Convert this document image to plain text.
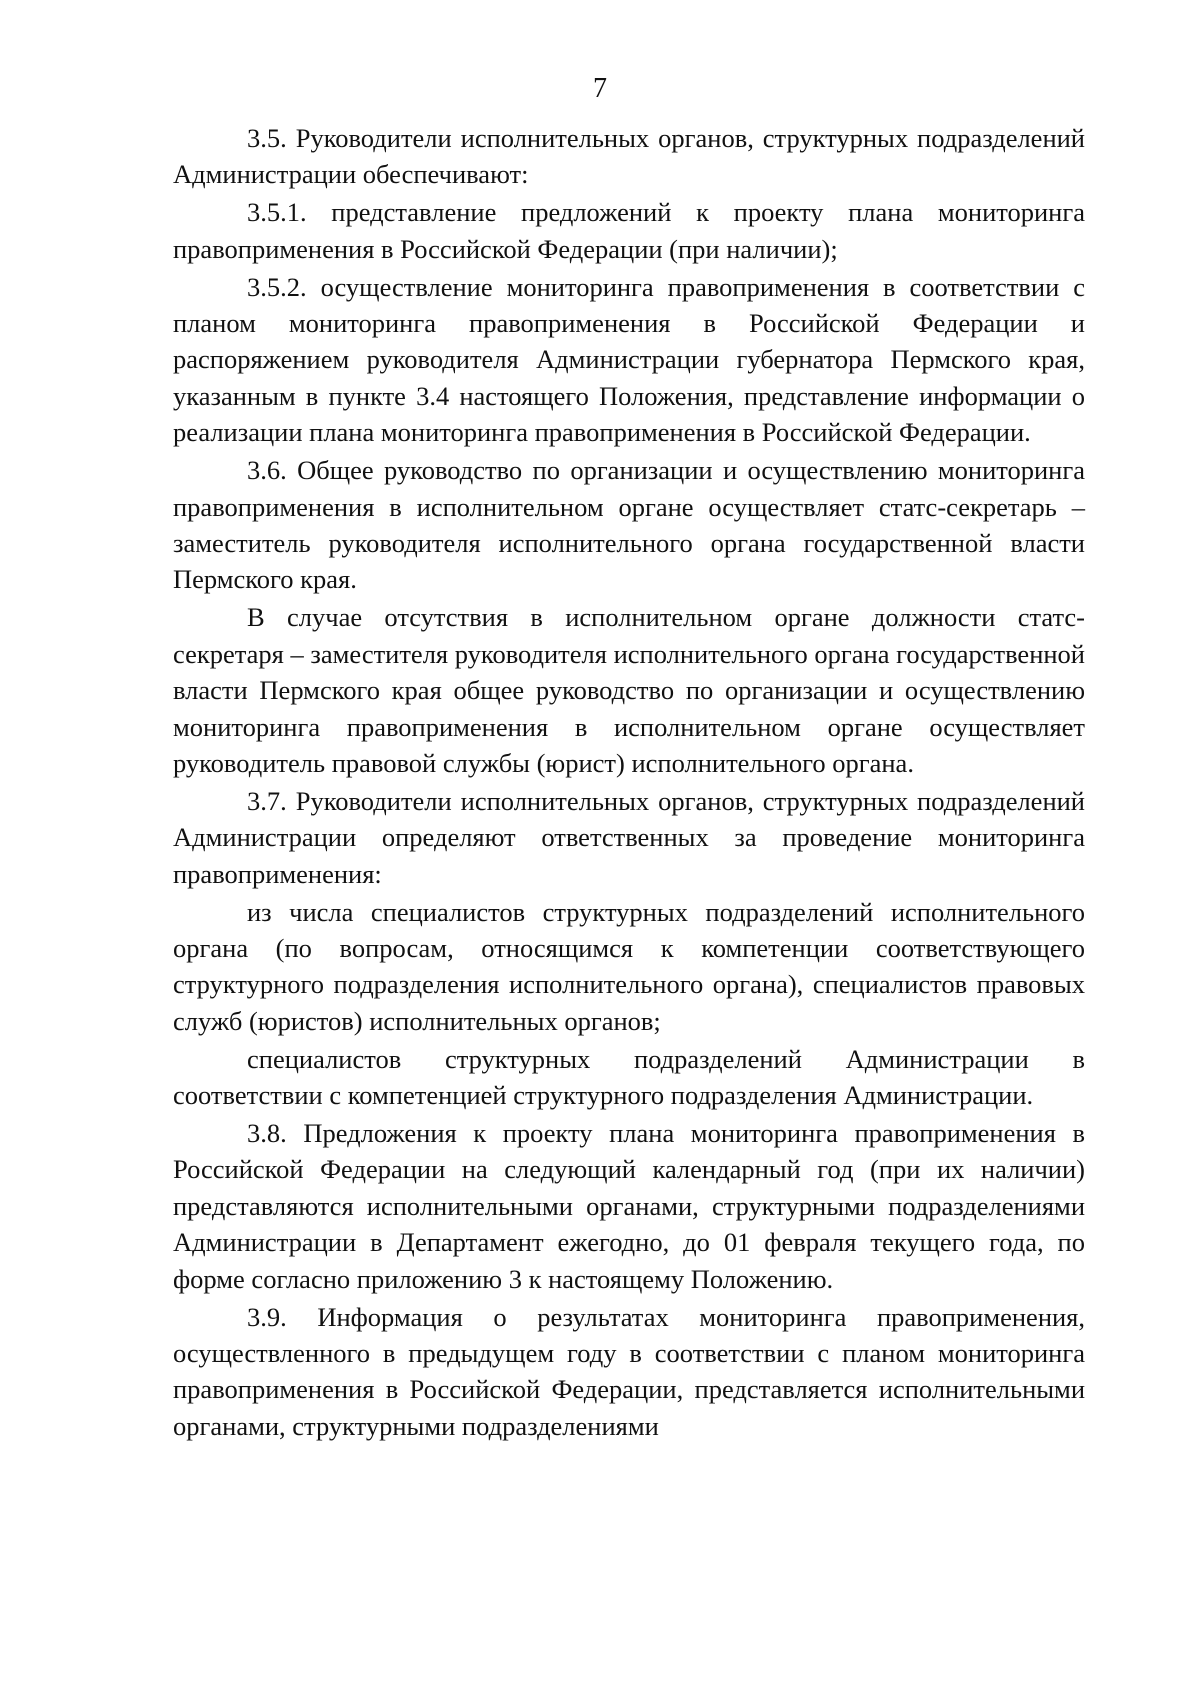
7

3.5. Руководители исполнительных органов, структурных подразделений Администрации обеспечивают:

3.5.1. представление предложений к проекту плана мониторинга правоприменения в Российской Федерации (при наличии);

3.5.2. осуществление мониторинга правоприменения в соответствии с планом мониторинга правоприменения в Российской Федерации и распоряжением руководителя Администрации губернатора Пермского края, указанным в пункте 3.4 настоящего Положения, представление информации о реализации плана мониторинга правоприменения в Российской Федерации.

3.6. Общее руководство по организации и осуществлению мониторинга правоприменения в исполнительном органе осуществляет статс-секретарь – заместитель руководителя исполнительного органа государственной власти Пермского края.

В случае отсутствия в исполнительном органе должности статс-секретаря – заместителя руководителя исполнительного органа государственной власти Пермского края общее руководство по организации и осуществлению мониторинга правоприменения в исполнительном органе осуществляет руководитель правовой службы (юрист) исполнительного органа.

3.7. Руководители исполнительных органов, структурных подразделений Администрации определяют ответственных за проведение мониторинга правоприменения:

из числа специалистов структурных подразделений исполнительного органа (по вопросам, относящимся к компетенции соответствующего структурного подразделения исполнительного органа), специалистов правовых служб (юристов) исполнительных органов;

специалистов структурных подразделений Администрации в соответствии с компетенцией структурного подразделения Администрации.

3.8. Предложения к проекту плана мониторинга правоприменения в Российской Федерации на следующий календарный год (при их наличии) представляются исполнительными органами, структурными подразделениями Администрации в Департамент ежегодно, до 01 февраля текущего года, по форме согласно приложению 3 к настоящему Положению.

3.9. Информация о результатах мониторинга правоприменения, осуществленного в предыдущем году в соответствии с планом мониторинга правоприменения в Российской Федерации, представляется исполнительными органами, структурными подразделениями
